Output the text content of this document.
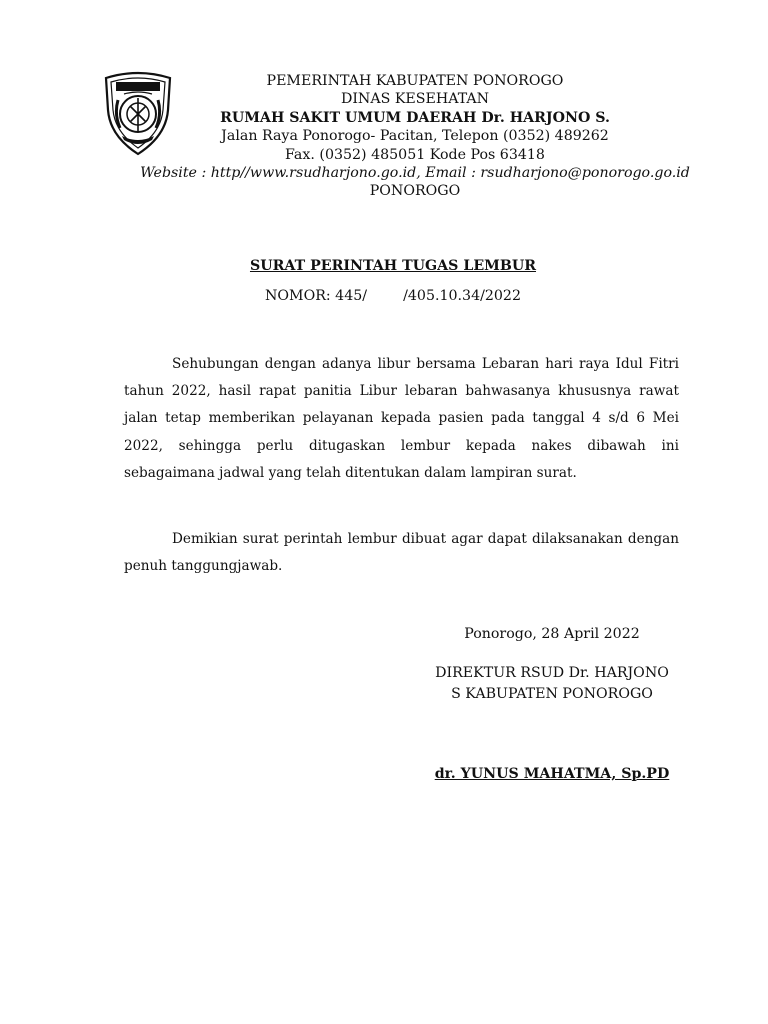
PEMERINTAH KABUPATEN PONOROGO
DINAS KESEHATAN
RUMAH SAKIT UMUM DAERAH Dr. HARJONO S.
Jalan Raya Ponorogo- Pacitan, Telepon (0352) 489262
Fax. (0352) 485051 Kode Pos 63418
Website : http//www.rsudharjono.go.id, Email : rsudharjono@ponorogo.go.id
PONOROGO
SURAT PERINTAH TUGAS LEMBUR
NOMOR: 445/        /405.10.34/2022
Sehubungan dengan adanya libur bersama Lebaran hari raya Idul Fitri tahun 2022, hasil rapat panitia Libur lebaran bahwasanya khususnya rawat jalan tetap memberikan pelayanan kepada pasien pada tanggal 4 s/d 6 Mei 2022, sehingga perlu ditugaskan lembur kepada nakes dibawah ini sebagaimana jadwal yang telah ditentukan dalam lampiran surat.
Demikian surat perintah lembur dibuat agar dapat dilaksanakan dengan penuh tanggungjawab.
Ponorogo, 28 April 2022
DIREKTUR RSUD Dr. HARJONO
S KABUPATEN PONOROGO
dr. YUNUS MAHATMA, Sp.PD
